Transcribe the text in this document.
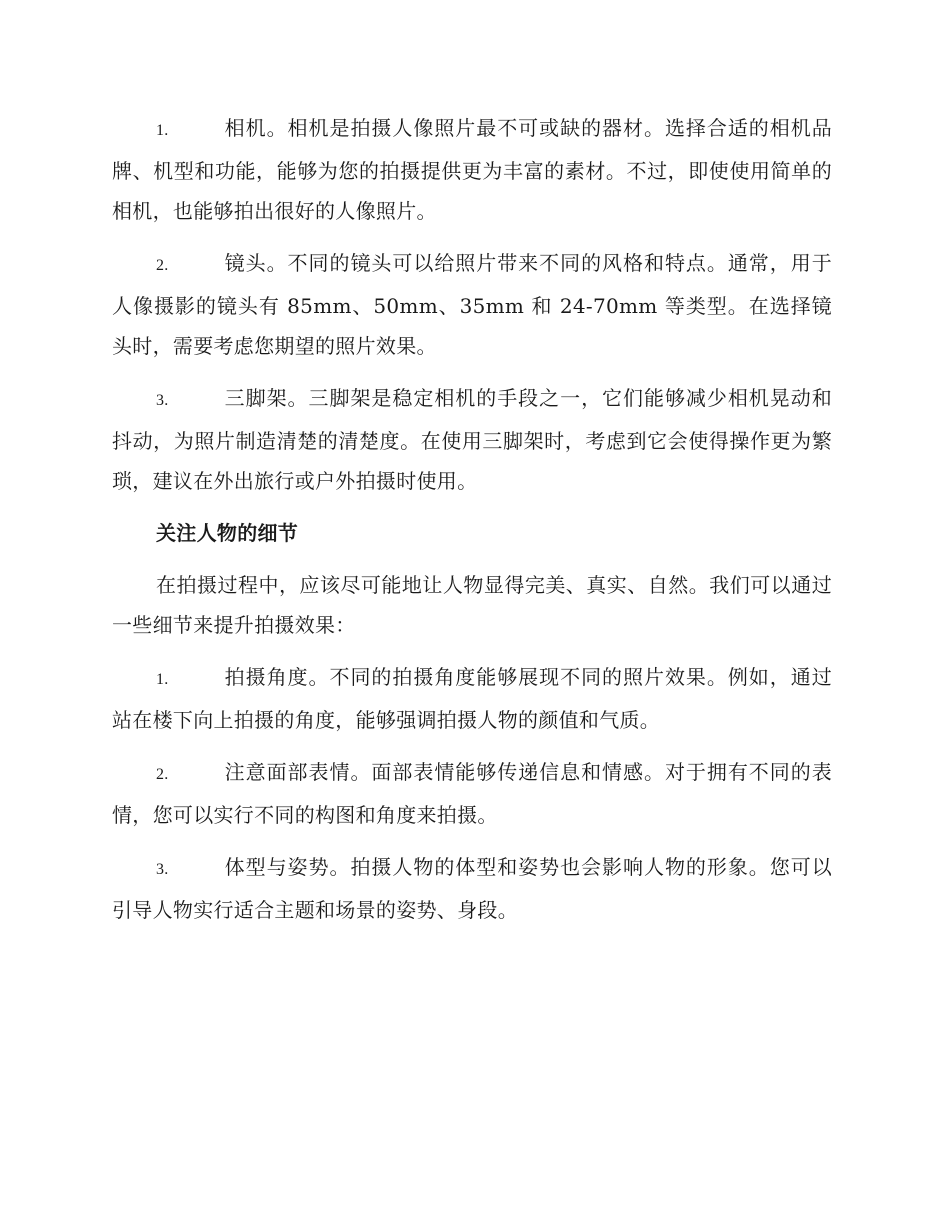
1.	相机。相机是拍摄人像照片最不可或缺的器材。选择合适的相机品牌、机型和功能，能够为您的拍摄提供更为丰富的素材。不过，即使使用简单的相机，也能够拍出很好的人像照片。

2.	镜头。不同的镜头可以给照片带来不同的风格和特点。通常，用于人像摄影的镜头有 85mm、50mm、35mm 和 24-70mm 等类型。在选择镜头时，需要考虑您期望的照片效果。

3.	三脚架。三脚架是稳定相机的手段之一，它们能够减少相机晃动和抖动，为照片制造清楚的清楚度。在使用三脚架时，考虑到它会使得操作更为繁琐，建议在外出旅行或户外拍摄时使用。

关注人物的细节

在拍摄过程中，应该尽可能地让人物显得完美、真实、自然。我们可以通过一些细节来提升拍摄效果：

1.	拍摄角度。不同的拍摄角度能够展现不同的照片效果。例如，通过站在楼下向上拍摄的角度，能够强调拍摄人物的颜值和气质。

2.	注意面部表情。面部表情能够传递信息和情感。对于拥有不同的表情，您可以实行不同的构图和角度来拍摄。

3.	体型与姿势。拍摄人物的体型和姿势也会影响人物的形象。您可以引导人物实行适合主题和场景的姿势、身段。
